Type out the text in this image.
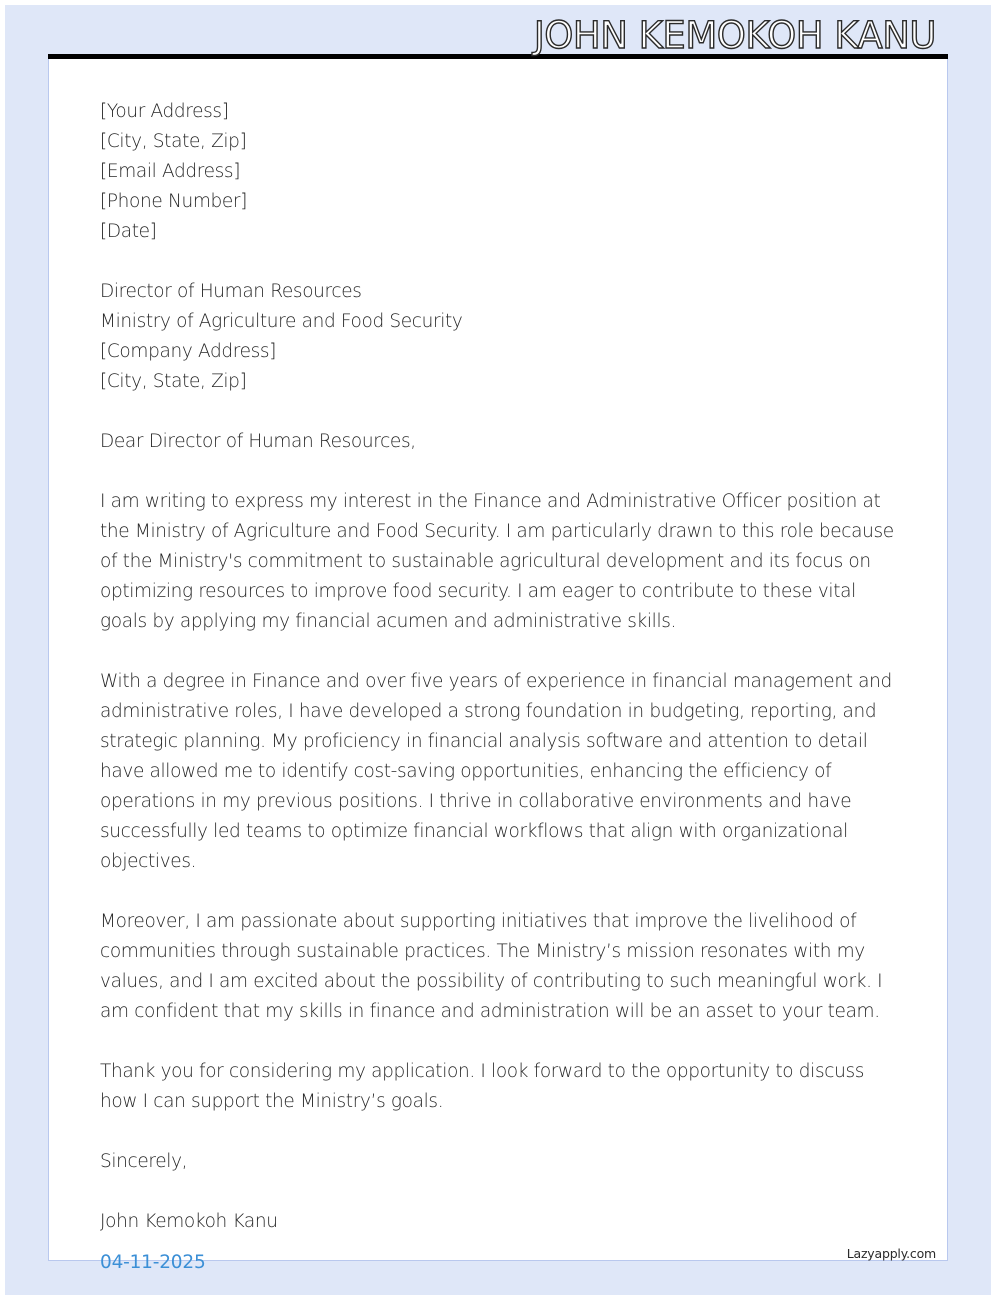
JOHN KEMOKOH KANU
[Your Address]
[City, State, Zip]
[Email Address]
[Phone Number]
[Date]
Director of Human Resources
Ministry of Agriculture and Food Security
[Company Address]
[City, State, Zip]
Dear Director of Human Resources,
I am writing to express my interest in the Finance and Administrative Officer position at
the Ministry of Agriculture and Food Security. I am particularly drawn to this role because
of the Ministry's commitment to sustainable agricultural development and its focus on
optimizing resources to improve food security. I am eager to contribute to these vital
goals by applying my financial acumen and administrative skills.
With a degree in Finance and over five years of experience in financial management and
administrative roles, I have developed a strong foundation in budgeting, reporting, and
strategic planning. My proficiency in financial analysis software and attention to detail
have allowed me to identify cost-saving opportunities, enhancing the efficiency of
operations in my previous positions. I thrive in collaborative environments and have
successfully led teams to optimize financial workflows that align with organizational
objectives.
Moreover, I am passionate about supporting initiatives that improve the livelihood of
communities through sustainable practices. The Ministry’s mission resonates with my
values, and I am excited about the possibility of contributing to such meaningful work. I
am confident that my skills in finance and administration will be an asset to your team.
Thank you for considering my application. I look forward to the opportunity to discuss
how I can support the Ministry’s goals.
Sincerely,
John Kemokoh Kanu
04-11-2025	Lazyapply.com
